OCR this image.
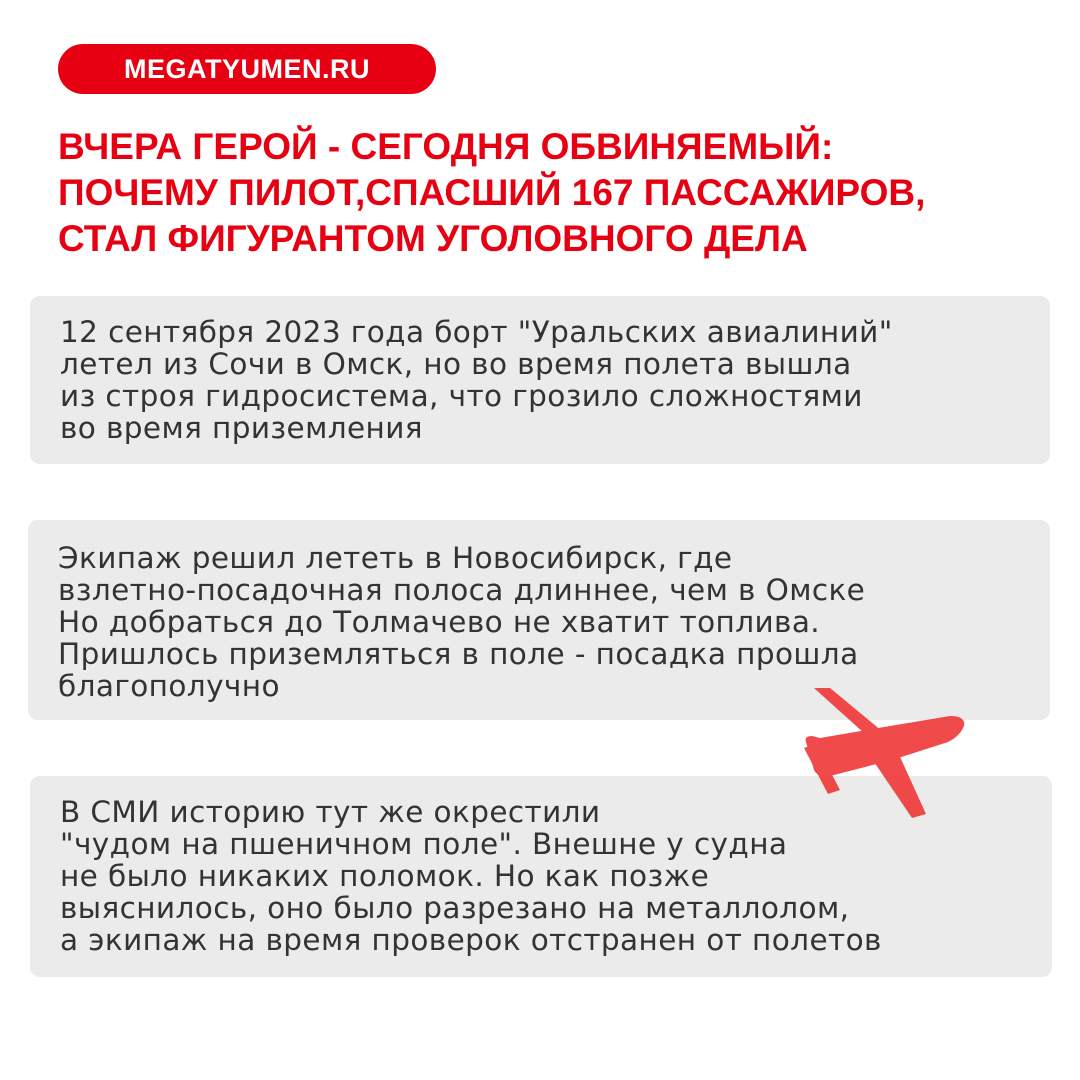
MEGATYUMEN.RU
ВЧЕРА ГЕРОЙ - СЕГОДНЯ ОБВИНЯЕМЫЙ:
ПОЧЕМУ ПИЛОТ,СПАСШИЙ 167 ПАССАЖИРОВ,
СТАЛ ФИГУРАНТОМ УГОЛОВНОГО ДЕЛА
12 сентября 2023 года борт "Уральских авиалиний"
летел из Сочи в Омск, но во время полета вышла
из строя гидросистема, что грозило сложностями
во время приземления
Экипаж решил лететь в Новосибирск, где
взлетно-посадочная полоса длиннее, чем в Омске
Но добраться до Толмачево не хватит топлива.
Пришлось приземляться в поле - посадка прошла
благополучно
В СМИ историю тут же окрестили
"чудом на пшеничном поле". Внешне у судна
не было никаких поломок. Но как позже
выяснилось, оно было разрезано на металлолом,
а экипаж на время проверок отстранен от полетов
